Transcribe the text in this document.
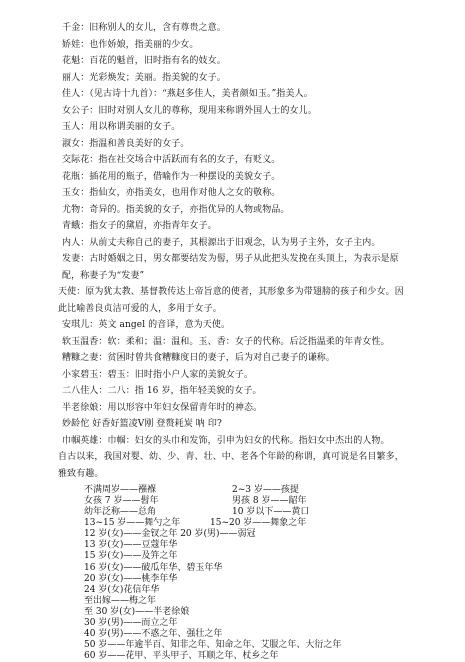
千金：旧称别人的女儿，含有尊贵之意。

娇娃：也作娇娘，指美丽的少女。

花魁：百花的魁首，旧时指有名的妓女。

丽人：光彩焕发；美丽。指美貌的女子。

佳人：（见古诗十九首）：“燕赵多佳人，美者颜如玉。”指美人。

女公子：旧时对别人女儿的尊称，现用来称谓外国人士的女儿。

玉人：用以称谓美丽的女子。

淑女：指温和善良美好的女子。

交际花：指在社交场合中活跃而有名的女子，有贬义。

花瓶：插花用的瓶子，借喻作为一种摆设的美貌女子。

玉女：指仙女，亦指美女，也用作对他人之女的敬称。

尤物：奇异的。指美貌的女子，亦指优异的人物或物品。

青蛾：指女子的黛眉，亦指青年女子。

内人：从前丈夫称自己的妻子，其根源出于旧观念，认为男子主外，女子主内。

发妻：古时婚姻之日，男女都要结发为髻，男子从此把头发挽在头顶上，为表示是原配，称妻子为“发妻”

天使：原为犹太教、基督教传达上帝旨意的使者，其形象多为带翅膀的孩子和少女。因此比喻善良贞洁可爱的人，多用于女子。

安琪儿：英文 angel 的音译，意为天使。

软玉温香：软：柔和；温：温和。玉、香：女子的代称。后泛指温柔的年青女性。

糟糠之妻：贫困时曾共食糟糠度日的妻子，后为对自己妻子的谦称。

小家碧玉：碧玉：旧时指小户人家的美貌女子。

二八佳人：二八：指 16 岁，指年轻美貌的女子。

半老徐娘：用以形容中年妇女保留青年时的神态。

妙龄佗 好香好篮凌Ⅴ刚 登赘耗炭 呐 印?

巾帼英雄：巾帼：妇女的头巾和发饰，引申为妇女的代称。指妇女中杰出的人物。

自古以来，我国对婴、幼、少、青、壮、中、老各个年龄的称谓，真可说是名目繁多，雅致有趣。

不满周岁——襁褓	2~3 岁——孩提
女孩 7 岁——髫年	男孩 8 岁——龆年
幼年泛称——总角	10 岁以下——黄口
13~15 岁——舞勺之年	15~20 岁——舞象之年
12 岁(女)——金钗之年 20 岁(男)——弱冠
13 岁(女)——豆蔻年华
15 岁(女)——及笄之年
16 岁(女)——破瓜年华、碧玉年华
20 岁(女)——桃李年华
24 岁(女)花信年华
至出嫁——梅之年
至 30 岁(女)——半老徐娘
30 岁(男)——而立之年
40 岁(男)——不惑之年、强壮之年
50 岁——年逾半百、知非之年、知命之年、艾服之年、大衍之年
60 岁——花甲、平头甲子、耳顺之年、杖乡之年
